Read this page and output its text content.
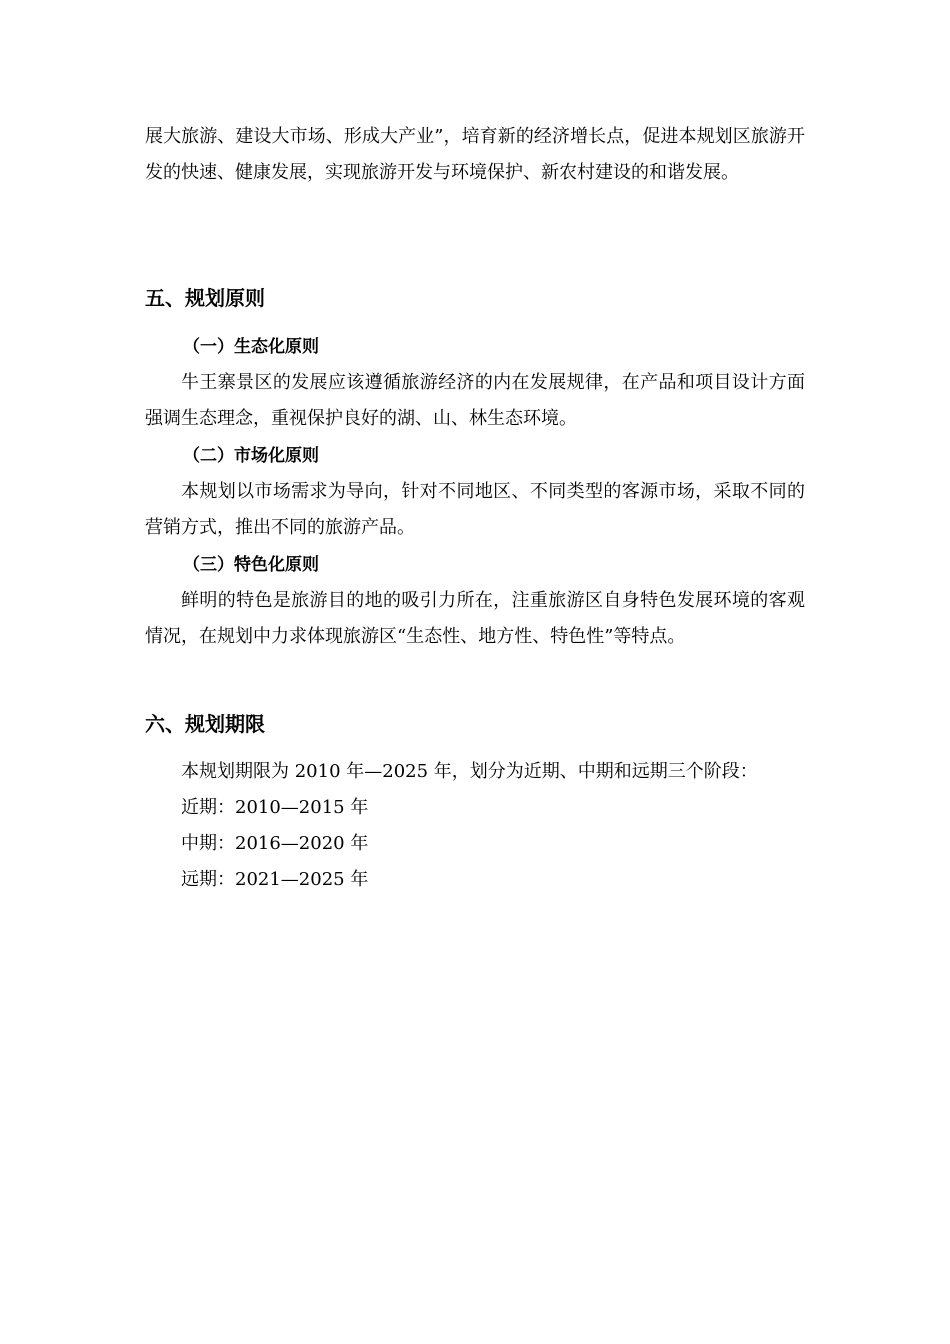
展大旅游、建设大市场、形成大产业”，培育新的经济增长点，促进本规划区旅游开发的快速、健康发展，实现旅游开发与环境保护、新农村建设的和谐发展。

五、规划原则
（一）生态化原则

牛王寨景区的发展应该遵循旅游经济的内在发展规律，在产品和项目设计方面强调生态理念，重视保护良好的湖、山、林生态环境。

（二）市场化原则

本规划以市场需求为导向，针对不同地区、不同类型的客源市场，采取不同的营销方式，推出不同的旅游产品。

（三）特色化原则

鲜明的特色是旅游目的地的吸引力所在，注重旅游区自身特色发展环境的客观情况，在规划中力求体现旅游区“生态性、地方性、特色性”等特点。

六、规划期限

本规划期限为 2010 年—2025 年，划分为近期、中期和远期三个阶段：

近期：2010—2015 年

中期：2016—2020 年

远期：2021—2025 年
